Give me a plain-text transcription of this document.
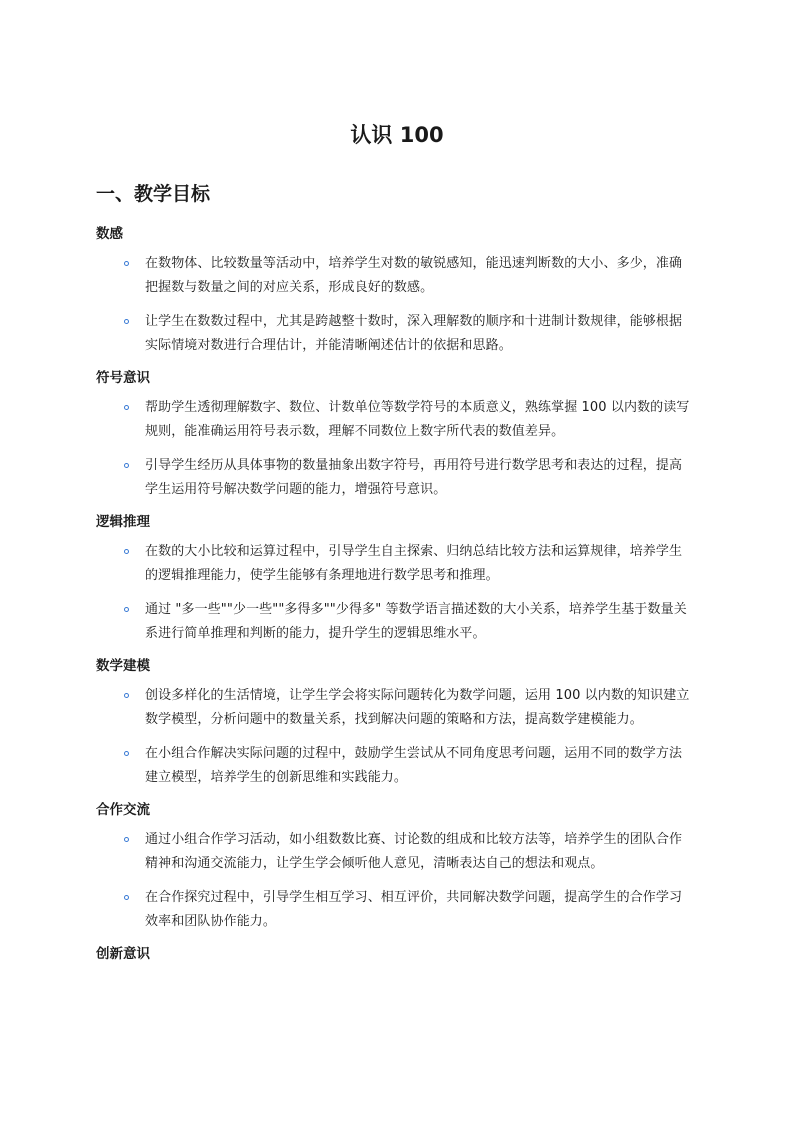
认识 100
一、教学目标
数感
在数物体、比较数量等活动中，培养学生对数的敏锐感知，能迅速判断数的大小、多少，准确把握数与数量之间的对应关系，形成良好的数感。
让学生在数数过程中，尤其是跨越整十数时，深入理解数的顺序和十进制计数规律，能够根据实际情境对数进行合理估计，并能清晰阐述估计的依据和思路。
符号意识
帮助学生透彻理解数字、数位、计数单位等数学符号的本质意义，熟练掌握 100 以内数的读写规则，能准确运用符号表示数，理解不同数位上数字所代表的数值差异。
引导学生经历从具体事物的数量抽象出数字符号，再用符号进行数学思考和表达的过程，提高学生运用符号解决数学问题的能力，增强符号意识。
逻辑推理
在数的大小比较和运算过程中，引导学生自主探索、归纳总结比较方法和运算规律，培养学生的逻辑推理能力，使学生能够有条理地进行数学思考和推理。
通过 "多一些""少一些""多得多""少得多" 等数学语言描述数的大小关系，培养学生基于数量关系进行简单推理和判断的能力，提升学生的逻辑思维水平。
数学建模
创设多样化的生活情境，让学生学会将实际问题转化为数学问题，运用 100 以内数的知识建立数学模型，分析问题中的数量关系，找到解决问题的策略和方法，提高数学建模能力。
在小组合作解决实际问题的过程中，鼓励学生尝试从不同角度思考问题，运用不同的数学方法建立模型，培养学生的创新思维和实践能力。
合作交流
通过小组合作学习活动，如小组数数比赛、讨论数的组成和比较方法等，培养学生的团队合作精神和沟通交流能力，让学生学会倾听他人意见，清晰表达自己的想法和观点。
在合作探究过程中，引导学生相互学习、相互评价，共同解决数学问题，提高学生的合作学习效率和团队协作能力。
创新意识
